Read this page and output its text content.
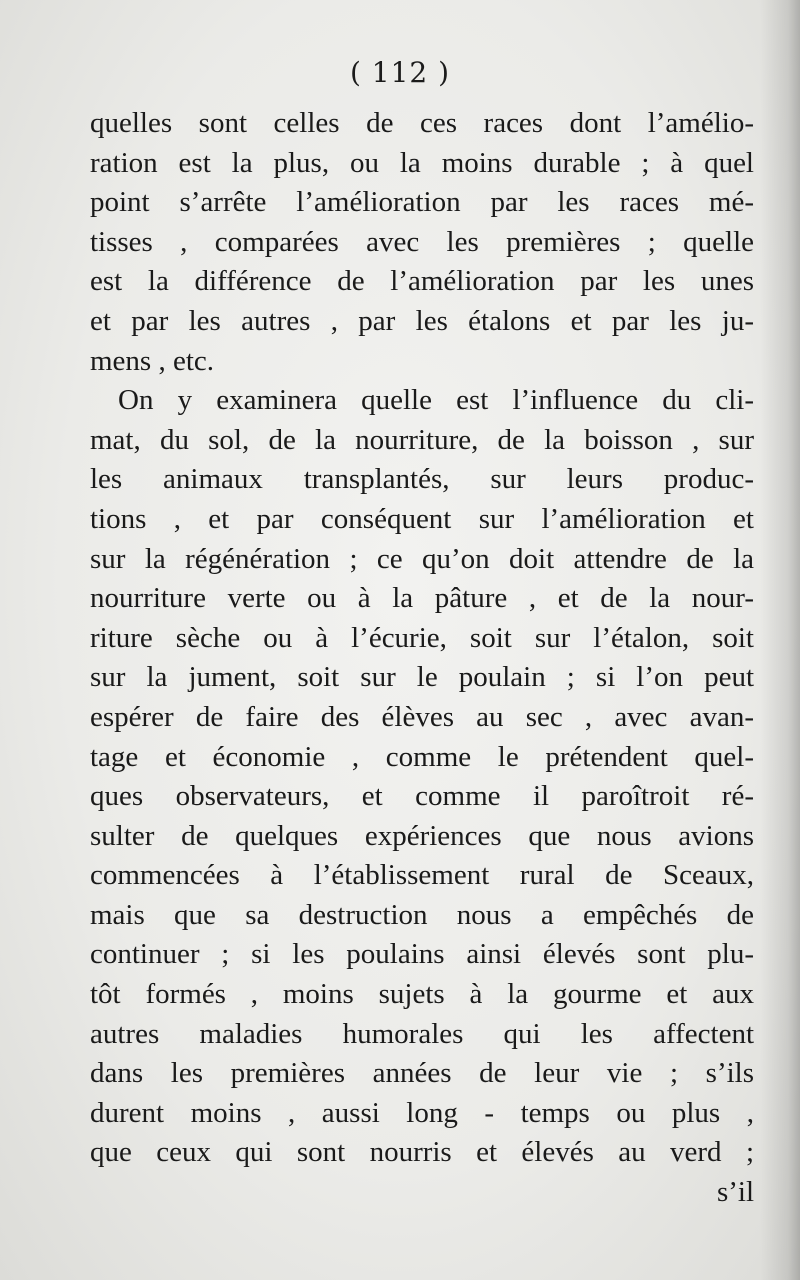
( 112 )
quelles sont celles de ces races dont l’amélio-
ration est la plus, ou la moins durable ; à quel
point s’arrête l’amélioration par les races mé-
tisses , comparées avec les premières ; quelle
est la différence de l’amélioration par les unes
et par les autres , par les étalons et par les ju-
mens , etc.
On y examinera quelle est l’influence du cli-
mat, du sol, de la nourriture, de la boisson , sur
les animaux transplantés, sur leurs produc-
tions , et par conséquent sur l’amélioration et
sur la régénération ; ce qu’on doit attendre de la
nourriture verte ou à la pâture , et de la nour-
riture sèche ou à l’écurie, soit sur l’étalon, soit
sur la jument, soit sur le poulain ; si l’on peut
espérer de faire des élèves au sec , avec avan-
tage et économie , comme le prétendent quel-
ques observateurs, et comme il paroîtroit ré-
sulter de quelques expériences que nous avions
commencées à l’établissement rural de Sceaux,
mais que sa destruction nous a empêchés de
continuer ; si les poulains ainsi élevés sont plu-
tôt formés , moins sujets à la gourme et aux
autres maladies humorales qui les affectent
dans les premières années de leur vie ; s’ils
durent moins , aussi long - temps ou plus ,
que ceux qui sont nourris et élevés au verd ;
s’il
